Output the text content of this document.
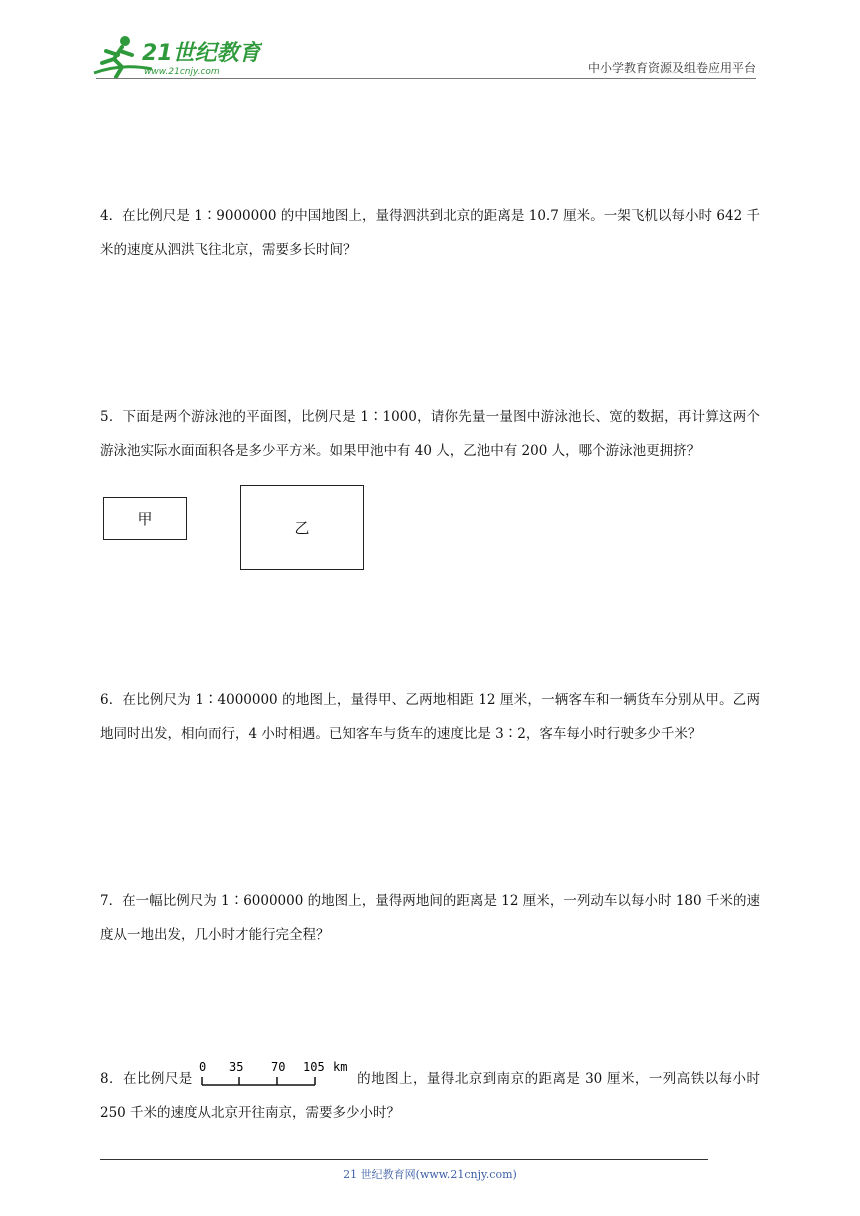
21世纪教育
www.21cnjy.com	中小学教育资源及组卷应用平台
4．在比例尺是 1∶9000000 的中国地图上，量得泗洪到北京的距离是 10.7 厘米。一架飞机以每小时 642 千米的速度从泗洪飞往北京，需要多长时间？
5．下面是两个游泳池的平面图，比例尺是 1∶1000，请你先量一量图中游泳池长、宽的数据，再计算这两个游泳池实际水面面积各是多少平方米。如果甲池中有 40 人，乙池中有 200 人，哪个游泳池更拥挤？
甲	乙
6．在比例尺为 1∶4000000 的地图上，量得甲、乙两地相距 12 厘米，一辆客车和一辆货车分别从甲。乙两地同时出发，相向而行，4 小时相遇。已知客车与货车的速度比是 3∶2，客车每小时行驶多少千米？
7．在一幅比例尺为 1∶6000000 的地图上，量得两地间的距离是 12 厘米，一列动车以每小时 180 千米的速度从一地出发，几小时才能行完全程？
8．在比例尺是
0 35 70 105 km
的地图上，量得北京到南京的距离是 30 厘米，一列高铁以每小时 250 千米的速度从北京开往南京，需要多少小时？
21 世纪教育网(www.21cnjy.com)
